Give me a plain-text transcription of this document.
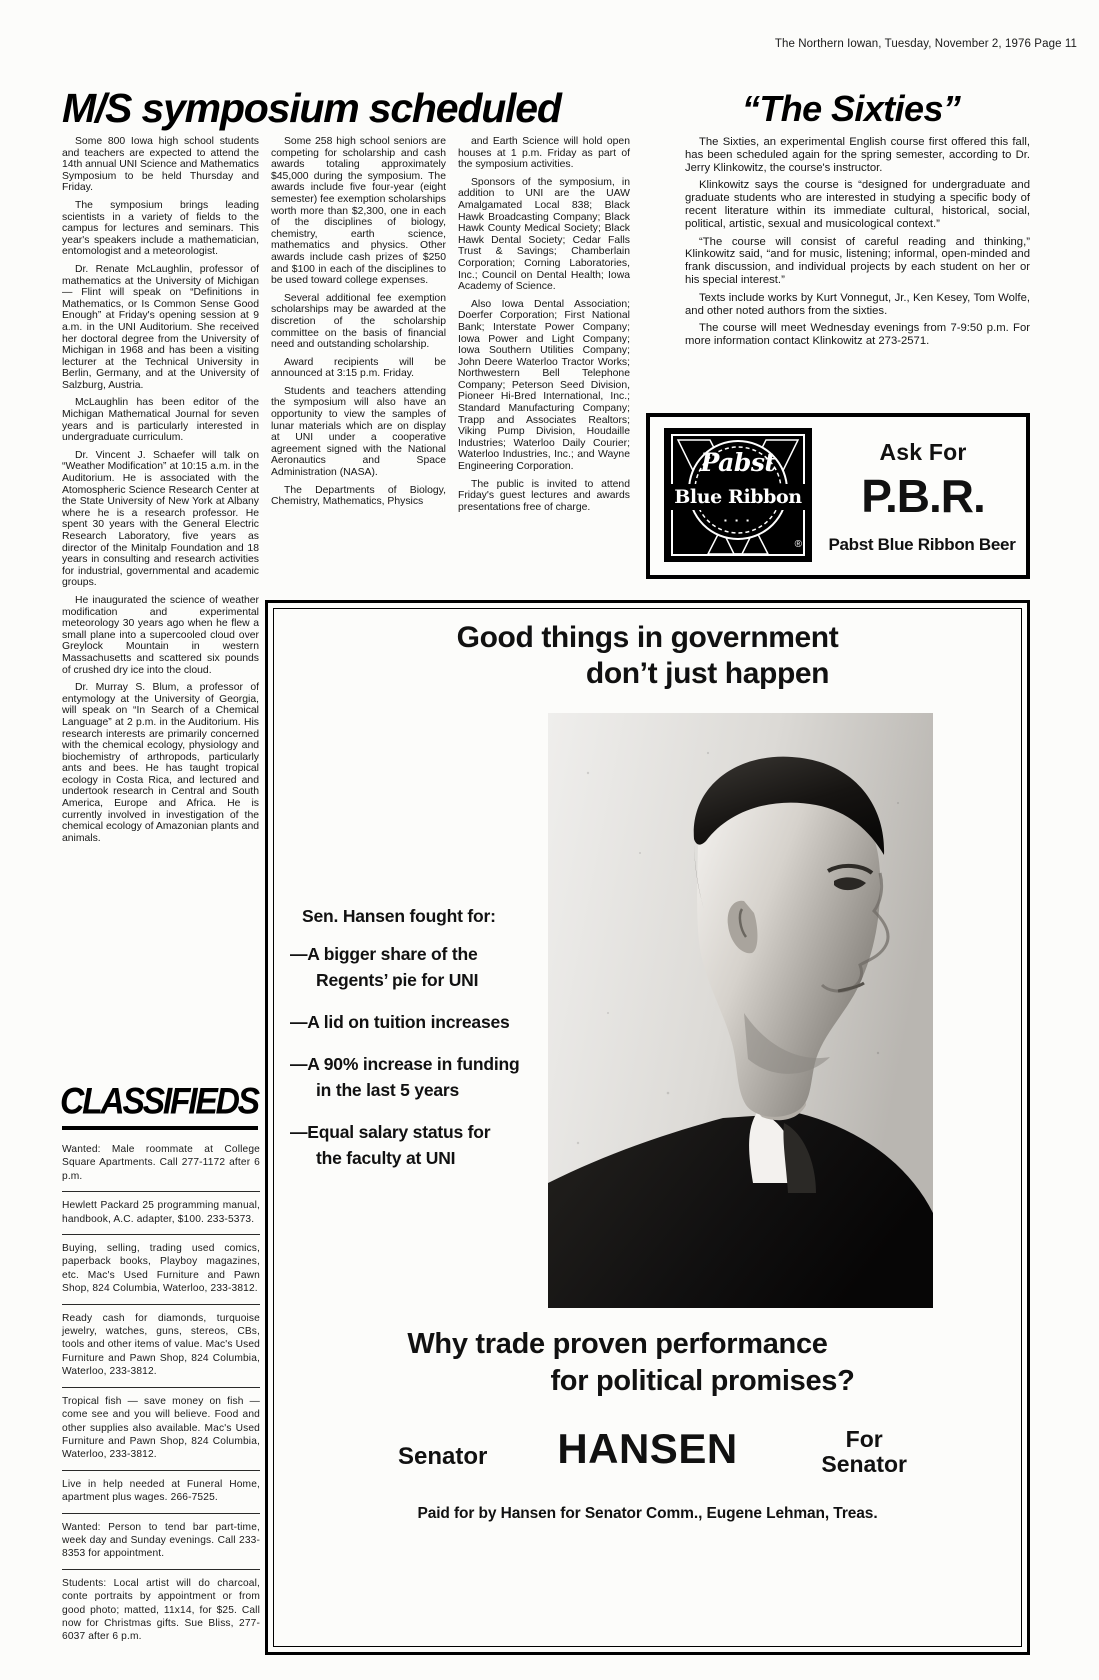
The Northern Iowan, Tuesday, November 2, 1976 Page 11
M/S symposium scheduled	“The Sixties”

Some 800 Iowa high school students and teachers are expected to attend the 14th annual UNI Science and Mathematics Symposium to be held Thursday and Friday.

The symposium brings leading scientists in a variety of fields to the campus for lectures and seminars. This year's speakers include a mathematician, entomologist and a meteorologist.

Dr. Renate McLaughlin, professor of mathematics at the University of Michigan — Flint will speak on “Definitions in Mathematics, or Is Common Sense Good Enough” at Friday's opening session at 9 a.m. in the UNI Auditorium. She received her doctoral degree from the University of Michigan in 1968 and has been a visiting lecturer at the Technical University in Berlin, Germany, and at the University of Salzburg, Austria.

McLaughlin has been editor of the Michigan Mathematical Journal for seven years and is particularly interested in undergraduate curriculum.

Dr. Vincent J. Schaefer will talk on “Weather Modification” at 10:15 a.m. in the Auditorium. He is associated with the Atomospheric Science Research Center at the State University of New York at Albany where he is a research professor. He spent 30 years with the General Electric Research Laboratory, five years as director of the Minitalp Foundation and 18 years in consulting and research activities for industrial, governmental and academic groups.

He inaugurated the science of weather modification and experimental meteorology 30 years ago when he flew a small plane into a supercooled cloud over Greylock Mountain in western Massachusetts and scattered six pounds of crushed dry ice into the cloud.

Dr. Murray S. Blum, a professor of entymology at the University of Georgia, will speak on “In Search of a Chemical Language” at 2 p.m. in the Auditorium. His research interests are primarily concerned with the chemical ecology, physiology and biochemistry of arthropods, particularly ants and bees. He has taught tropical ecology in Costa Rica, and lectured and undertook research in Central and South America, Europe and Africa. He is currently involved in investigation of the chemical ecology of Amazonian plants and animals.

Some 258 high school seniors are competing for scholarship and cash awards totaling approximately $45,000 during the symposium. The awards include five four-year (eight semester) fee exemption scholarships worth more than $2,300, one in each of the disciplines of biology, chemistry, earth science, mathematics and physics. Other awards include cash prizes of $250 and $100 in each of the disciplines to be used toward college expenses.

Several additional fee exemption scholarships may be awarded at the discretion of the scholarship committee on the basis of financial need and outstanding scholarship.

Award recipients will be announced at 3:15 p.m. Friday.

Students and teachers attending the symposium will also have an opportunity to view the samples of lunar materials which are on display at UNI under a cooperative agreement signed with the National Aeronautics and Space Administration (NASA).

The Departments of Biology, Chemistry, Mathematics, Physics

and Earth Science will hold open houses at 1 p.m. Friday as part of the symposium activities.

Sponsors of the symposium, in addition to UNI are the UAW Amalgamated Local 838; Black Hawk Broadcasting Company; Black Hawk County Medical Society; Black Hawk Dental Society; Cedar Falls Trust & Savings; Chamberlain Corporation; Corning Laboratories, Inc.; Council on Dental Health; Iowa Academy of Science.

Also Iowa Dental Association; Doerfer Corporation; First National Bank; Interstate Power Company; Iowa Power and Light Company; Iowa Southern Utilities Company; John Deere Waterloo Tractor Works; Northwestern Bell Telephone Company; Peterson Seed Division, Pioneer Hi-Bred International, Inc.; Standard Manufacturing Company; Trapp and Associates Realtors; Viking Pump Division, Houdaille Industries; Waterloo Daily Courier; Waterloo Industries, Inc.; and Wayne Engineering Corporation.

The public is invited to attend Friday's guest lectures and awards presentations free of charge.

The Sixties, an experimental English course first offered this fall, has been scheduled again for the spring semester, according to Dr. Jerry Klinkowitz, the course's instructor.

Klinkowitz says the course is “designed for undergraduate and graduate students who are interested in studying a specific body of recent literature within its immediate cultural, historical, social, political, artistic, sexual and musicological context.”

“The course will consist of careful reading and thinking,” Klinkowitz said, “and for music, listening; informal, open-minded and frank discussion, and individual projects by each student on her or his special interest.”

Texts include works by Kurt Vonnegut, Jr., Ken Kesey, Tom Wolfe, and other noted authors from the sixties.

The course will meet Wednesday evenings from 7-9:50 p.m. For more information contact Klinkowitz at 273-2571.

CLASSIFIEDS
Wanted: Male roommate at College Square Apartments. Call 277-1172 after 6 p.m.
Hewlett Packard 25 programming manual, handbook, A.C. adapter, $100. 233-5373.
Buying, selling, trading used comics, paperback books, Playboy magazines, etc. Mac's Used Furniture and Pawn Shop, 824 Columbia, Waterloo, 233-3812.
Ready cash for diamonds, turquoise jewelry, watches, guns, stereos, CBs, tools and other items of value. Mac's Used Furniture and Pawn Shop, 824 Columbia, Waterloo, 233-3812.
Tropical fish — save money on fish — come see and you will believe. Food and other supplies also available. Mac's Used Furniture and Pawn Shop, 824 Columbia, Waterloo, 233-3812.
Live in help needed at Funeral Home, apartment plus wages. 266-7525.
Wanted: Person to tend bar part-time, week day and Sunday evenings. Call 233-8353 for appointment.
Students: Local artist will do charcoal, conte portraits by appointment or from good photo; matted, 11x14, for $25. Call now for Christmas gifts. Sue Bliss, 277-6037 after 6 p.m.
Pabst
Blue Ribbon
▪ ▪ ▪
®
Ask For
P.B.R.
Pabst Blue Ribbon Beer
Good things in government
don’t just happen
Sen. Hansen fought for:
—A bigger share of the
Regents’ pie for UNI
—A lid on tuition increases
—A 90% increase in funding
in the last 5 years
—Equal salary status for
the faculty at UNI
Why trade proven performance
for political promises?
Senator	HANSEN	For
Senator
Paid for by Hansen for Senator Comm., Eugene Lehman, Treas.
